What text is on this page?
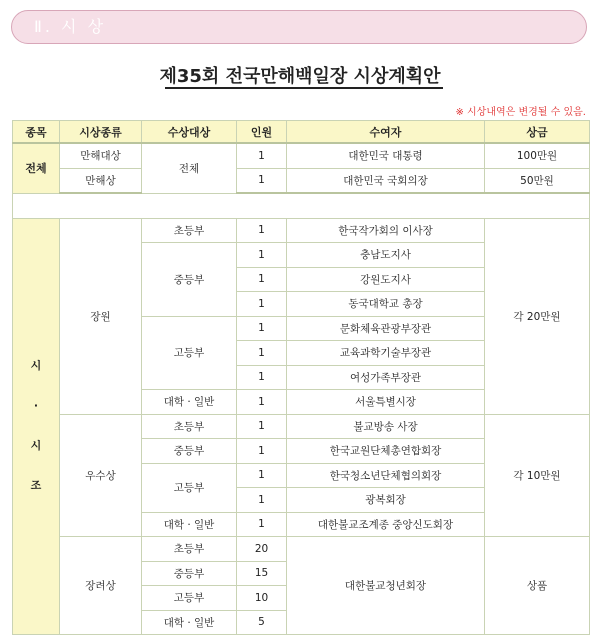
Ⅱ. 시 상
제35회 전국만해백일장 시상계획안
※ 시상내역은 변경될 수 있음.
종목	시상종류	수상대상	인원	수여자	상금
전체	만해대상	전체	1	대한민국 대통령	100만원
	만해상		1	대한민국 국회의장	50만원

시

·

시

조	장원	초등부	1	한국작가회의 이사장	각 20만원
		중등부	1	충남도지사	
			1	강원도지사	
			1	동국대학교 총장	
		고등부	1	문화체육관광부장관	
			1	교육과학기술부장관	
			1	여성가족부장관	
		대학 · 일반	1	서울특별시장	
	우수상	초등부	1	불교방송 사장	각 10만원
		중등부	1	한국교원단체총연합회장	
		고등부	1	한국청소년단체협의회장	
			1	광복회장	
		대학 · 일반	1	대한불교조계종 중앙신도회장	
	장려상	초등부	20	대한불교청년회장	상품
		중등부	15		
		고등부	10		
		대학 · 일반	5		
